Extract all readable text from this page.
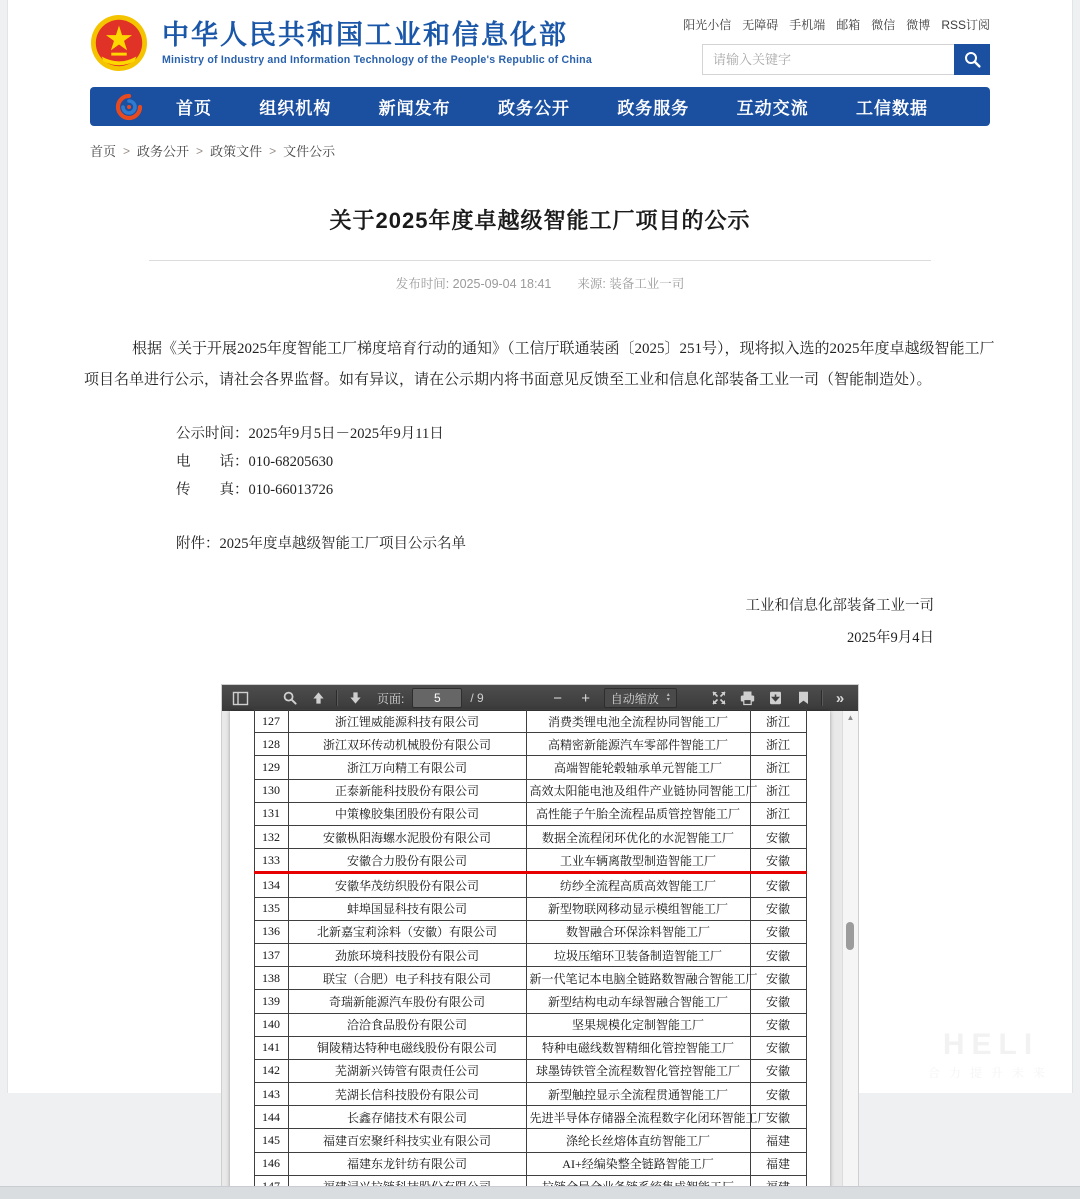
中华人民共和国工业和信息化部
Ministry of Industry and Information Technology of the People's Republic of China
阳光小信 无障碍 手机端 邮箱 微信 微博 RSS订阅
请输入关键字
首页	组织机构	新闻发布	政务公开	政务服务	互动交流	工信数据
首页 > 政务公开 > 政策文件 > 文件公示
关于2025年度卓越级智能工厂项目的公示
发布时间: 2025-09-04 18:41 来源: 装备工业一司
根据《关于开展2025年度智能工厂梯度培育行动的通知》（工信厅联通装函〔2025〕251号），现将拟入选的2025年度卓越级智能工厂项目名单进行公示，请社会各界监督。如有异议，请在公示期内将书面意见反馈至工业和信息化部装备工业一司（智能制造处）。
公示时间：2025年9月5日－2025年9月11日
电　　话：010-68205630
传　　真：010-66013726
附件：2025年度卓越级智能工厂项目公示名单
工业和信息化部装备工业一司
2025年9月4日
页面:
5	/ 9	− + 自动缩放 ▴
▾	»
127	浙江锂威能源科技有限公司	消费类锂电池全流程协同智能工厂	浙江
128	浙江双环传动机械股份有限公司	高精密新能源汽车零部件智能工厂	浙江
129	浙江万向精工有限公司	高端智能轮毂轴承单元智能工厂	浙江
130	正泰新能科技股份有限公司	高效太阳能电池及组件产业链协同智能工厂	浙江
131	中策橡胶集团股份有限公司	高性能子午胎全流程品质管控智能工厂	浙江
132	安徽枞阳海螺水泥股份有限公司	数据全流程闭环优化的水泥智能工厂	安徽
133	安徽合力股份有限公司	工业车辆离散型制造智能工厂	安徽
134	安徽华茂纺织股份有限公司	纺纱全流程高质高效智能工厂	安徽
135	蚌埠国显科技有限公司	新型物联网移动显示模组智能工厂	安徽
136	北新嘉宝莉涂料（安徽）有限公司	数智融合环保涂料智能工厂	安徽
137	劲旅环境科技股份有限公司	垃圾压缩环卫装备制造智能工厂	安徽
138	联宝（合肥）电子科技有限公司	新一代笔记本电脑全链路数智融合智能工厂	安徽
139	奇瑞新能源汽车股份有限公司	新型结构电动车绿智融合智能工厂	安徽
140	洽洽食品股份有限公司	坚果规模化定制智能工厂	安徽
141	铜陵精达特种电磁线股份有限公司	特种电磁线数智精细化管控智能工厂	安徽
142	芜湖新兴铸管有限责任公司	球墨铸铁管全流程数智化管控智能工厂	安徽
143	芜湖长信科技股份有限公司	新型触控显示全流程贯通智能工厂	安徽
144	长鑫存储技术有限公司	先进半导体存储器全流程数字化闭环智能工厂	安徽
145	福建百宏聚纤科技实业有限公司	涤纶长丝熔体直纺智能工厂	福建
146	福建东龙针纺有限公司	AI+经编染整全链路智能工厂	福建

▲
HELI
合力提升未来
